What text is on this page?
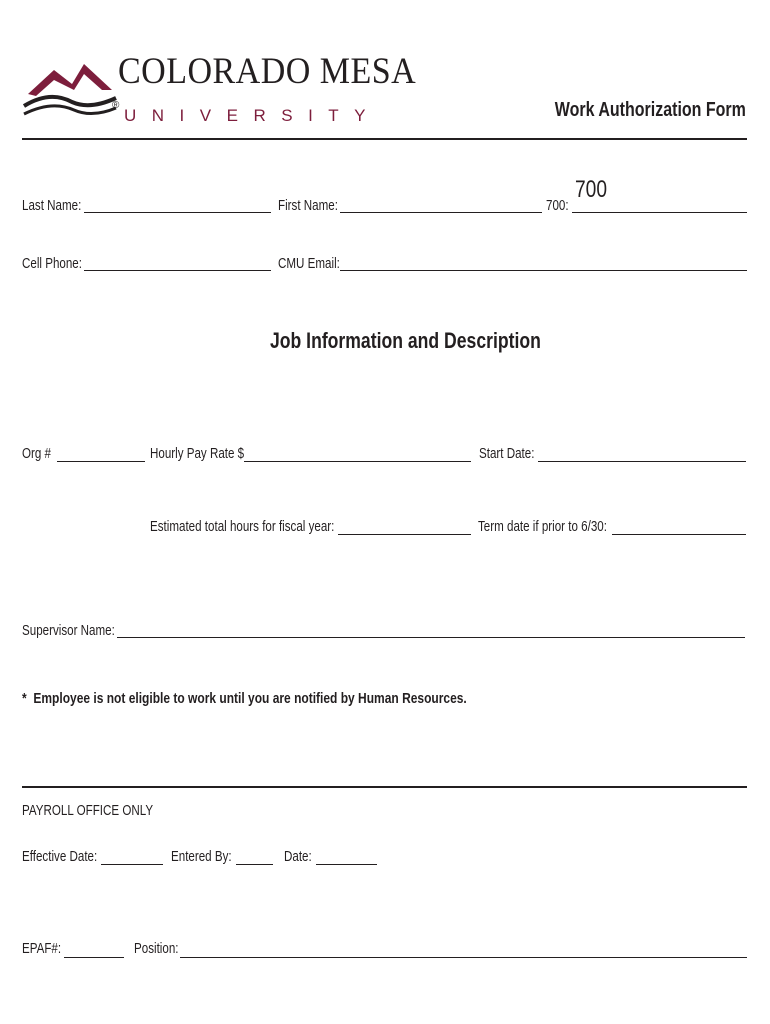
®
COLORADO MESA
UNIVERSITY	Work Authorization Form
Last Name:	First Name:	700:
700
Cell Phone:	CMU Email:
Job Information and Description
Org #	Hourly Pay Rate $	Start Date:
Estimated total hours for fiscal year:	Term date if prior to 6/30:
Supervisor Name:
* Employee is not eligible to work until you are notified by Human Resources.
PAYROLL OFFICE ONLY
Effective Date:	Entered By:	Date:
EPAF#:	Position:
